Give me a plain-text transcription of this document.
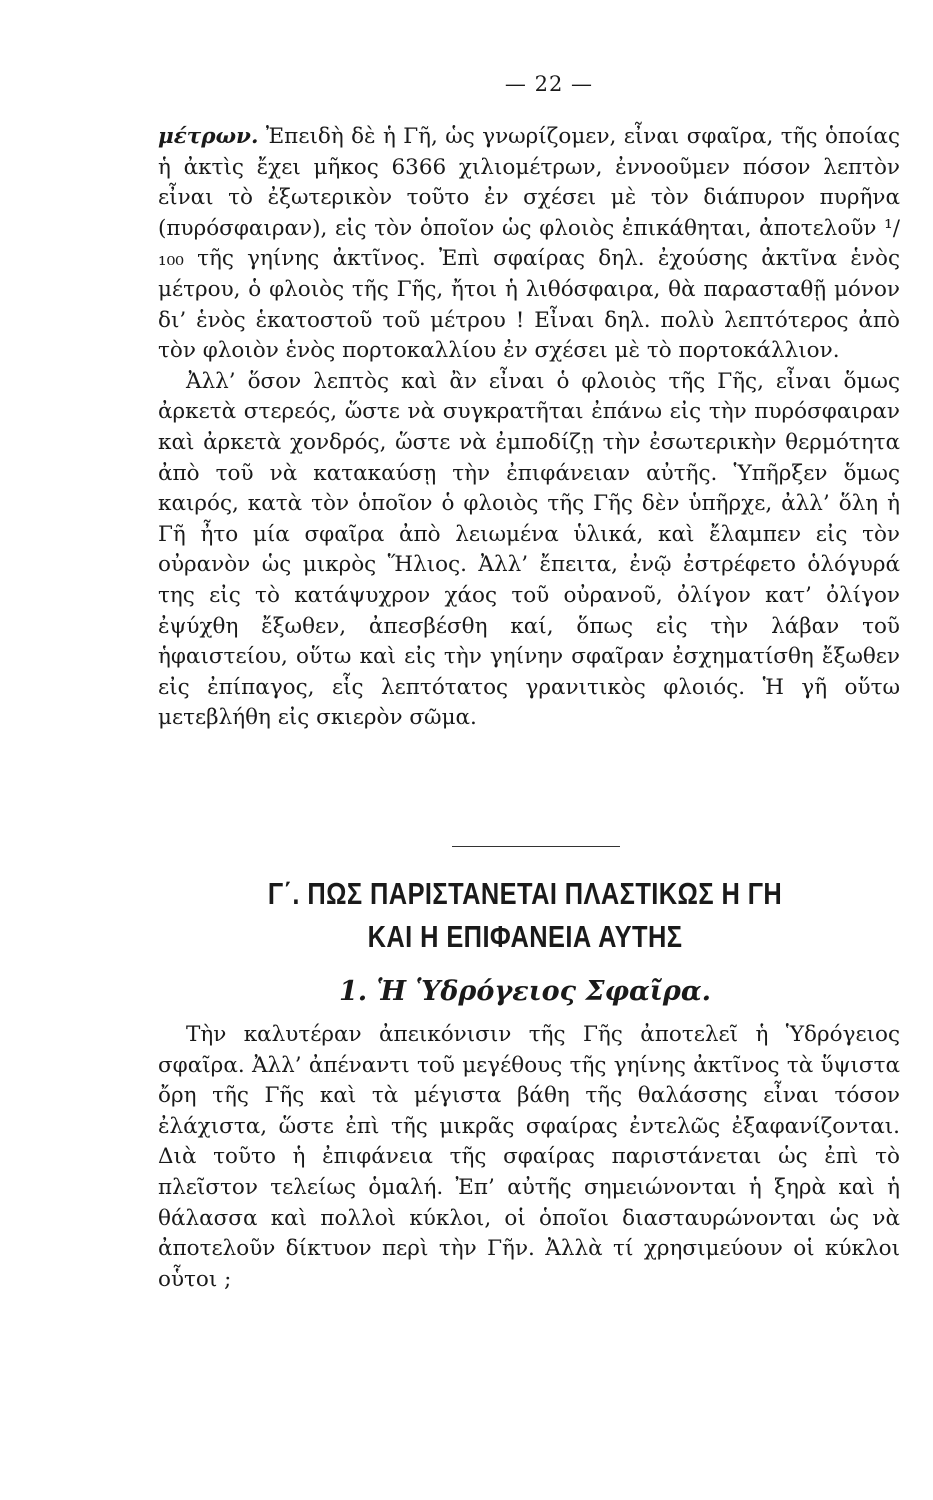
— 22 —

μέτρων. Ἐπειδὴ δὲ ἡ Γῆ, ὡς γνωρίζομεν, εἶναι σφαῖρα, τῆς ὁποίας ἡ ἀκτὶς ἔχει μῆκος 6366 χιλιομέτρων, ἐννοοῦμεν πόσον λεπτὸν εἶναι τὸ ἐξωτερικὸν τοῦτο ἐν σχέσει μὲ τὸν διάπυρον πυρῆνα (πυρόσφαιραν), εἰς τὸν ὁποῖον ὡς φλοιὸς ἐπικάθηται, ἀποτελοῦν ¹/₁₀₀ τῆς γηίνης ἀκτῖνος. Ἐπὶ σφαίρας δηλ. ἐχούσης ἀκτῖνα ἑνὸς μέτρου, ὁ φλοιὸς τῆς Γῆς, ἤτοι ἡ λιθόσφαιρα, θὰ παρασταθῇ μόνον δι’ ἑνὸς ἑκατοστοῦ τοῦ μέτρου ! Εἶναι δηλ. πολὺ λεπτότερος ἀπὸ τὸν φλοιὸν ἑνὸς πορτοκαλλίου ἐν σχέσει μὲ τὸ πορτοκάλλιον.

Ἀλλ’ ὅσον λεπτὸς καὶ ἂν εἶναι ὁ φλοιὸς τῆς Γῆς, εἶναι ὅμως ἀρκετὰ στερεός, ὥστε νὰ συγκρατῆται ἐπάνω εἰς τὴν πυρόσφαιραν καὶ ἀρκετὰ χονδρός, ὥστε νὰ ἐμποδίζῃ τὴν ἐσωτερικὴν θερμότητα ἀπὸ τοῦ νὰ κατακαύσῃ τὴν ἐπιφάνειαν αὐτῆς. Ὑπῆρξεν ὅμως καιρός, κατὰ τὸν ὁποῖον ὁ φλοιὸς τῆς Γῆς δὲν ὑπῆρχε, ἀλλ’ ὅλη ἡ Γῆ ἦτο μία σφαῖρα ἀπὸ λειωμένα ὑλικά, καὶ ἔλαμπεν εἰς τὸν οὐρανὸν ὡς μικρὸς Ἥλιος. Ἀλλ’ ἔπειτα, ἐνῷ ἐστρέφετο ὁλόγυρά της εἰς τὸ κατάψυχρον χάος τοῦ οὐρανοῦ, ὀλίγον κατ’ ὀλίγον ἐψύχθη ἔξωθεν, ἀπεσβέσθη καί, ὅπως εἰς τὴν λάβαν τοῦ ἡφαιστείου, οὕτω καὶ εἰς τὴν γηίνην σφαῖραν ἐσχηματίσθη ἔξωθεν εἰς ἐπίπαγος, εἷς λεπτότατος γρανιτικὸς φλοιός. Ἡ γῆ οὕτω μετεβλήθη εἰς σκιερὸν σῶμα.

Γ΄. ΠΩΣ ΠΑΡΙΣΤΑΝΕΤΑΙ ΠΛΑΣΤΙΚΩΣ Η ΓΗ
ΚΑΙ Η ΕΠΙΦΑΝΕΙΑ ΑΥΤΗΣ
1. Ἡ Ὑδρόγειος Σφαῖρα.

Τὴν καλυτέραν ἀπεικόνισιν τῆς Γῆς ἀποτελεῖ ἡ Ὑδρόγειος σφαῖρα. Ἀλλ’ ἀπέναντι τοῦ μεγέθους τῆς γηίνης ἀκτῖνος τὰ ὕψιστα ὄρη τῆς Γῆς καὶ τὰ μέγιστα βάθη τῆς θαλάσσης εἶναι τόσον ἐλάχιστα, ὥστε ἐπὶ τῆς μικρᾶς σφαίρας ἐντελῶς ἐξαφανίζονται. Διὰ τοῦτο ἡ ἐπιφάνεια τῆς σφαίρας παριστάνεται ὡς ἐπὶ τὸ πλεῖστον τελείως ὁμαλή. Ἐπ’ αὐτῆς σημειώνονται ἡ ξηρὰ καὶ ἡ θάλασσα καὶ πολλοὶ κύκλοι, οἱ ὁποῖοι διασταυρώνονται ὡς νὰ ἀποτελοῦν δίκτυον περὶ τὴν Γῆν. Ἀλλὰ τί χρησιμεύουν οἱ κύκλοι οὗτοι ;
